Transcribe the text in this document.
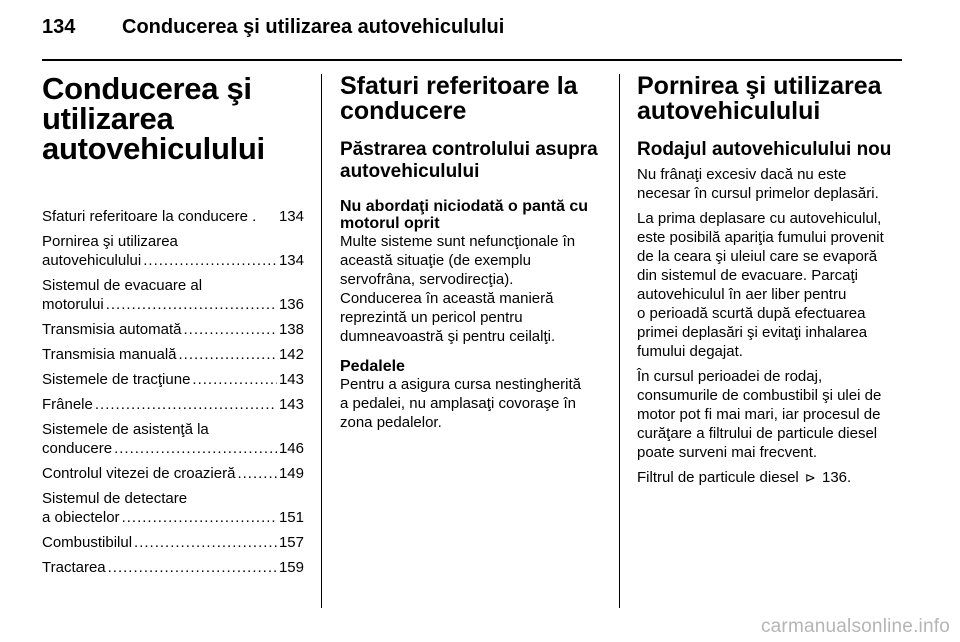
134 Conducerea şi utilizarea autovehiculului
Conducerea şi
utilizarea
autovehiculului
Sfaturi referitoare la conducere . 134
Pornirea şi utilizarea
autovehiculului .....	134
Sistemul de evacuare al
motorului .....	136
Transmisia automată .....	138
Transmisia manuală .....	142
Sistemele de tracţiune .....	143
Frânele .....	143
Sistemele de asistenţă la
conducere .....	146
Controlul vitezei de croazieră .....	149
Sistemul de detectare
a obiectelor .....	151
Combustibilul .....	157
Tractarea .....	159
Sfaturi referitoare la
conducere
Păstrarea controlului asupra
autovehiculului
Nu abordaţi niciodată o pantă cu
motorul oprit
Multe sisteme sunt nefuncţionale în
această situaţie (de exemplu
servofrâna, servodirecţia).
Conducerea în această manieră
reprezintă un pericol pentru
dumneavoastră şi pentru ceilalţi.
Pedalele
Pentru a asigura cursa nestingherită
a pedalei, nu amplasaţi covoraşe în
zona pedalelor.
Pornirea şi utilizarea
autovehiculului
Rodajul autovehiculului nou
Nu frânaţi excesiv dacă nu este
necesar în cursul primelor deplasări.
La prima deplasare cu autovehiculul,
este posibilă apariţia fumului provenit
de la ceara şi uleiul care se evaporă
din sistemul de evacuare. Parcaţi
autovehiculul în aer liber pentru
o perioadă scurtă după efectuarea
primei deplasări şi evitaţi inhalarea
fumului degajat.
În cursul perioadei de rodaj,
consumurile de combustibil şi ulei de
motor pot fi mai mari, iar procesul de
curăţare a filtrului de particule diesel
poate surveni mai frecvent.
Filtrul de particule diesel ⊳ 136.
carmanualsonline.info
